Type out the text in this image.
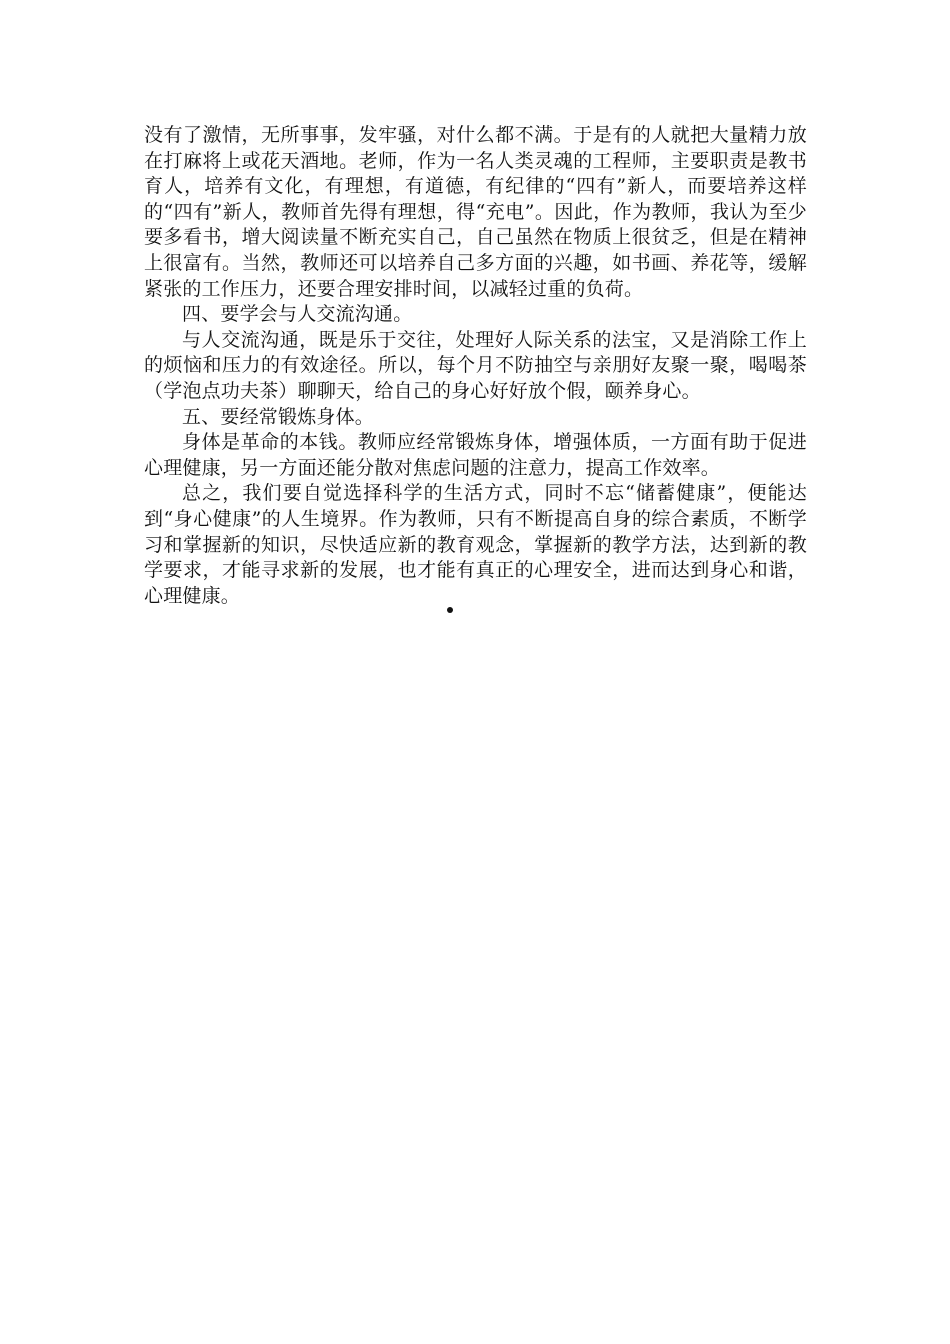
没有了激情，无所事事，发牢骚，对什么都不满。于是有的人就把大量精力放在打麻将上或花天酒地。老师，作为一名人类灵魂的工程师，主要职责是教书育人，培养有文化，有理想，有道德，有纪律的“四有”新人，而要培养这样的“四有”新人，教师首先得有理想，得“充电”。因此，作为教师，我认为至少要多看书，增大阅读量不断充实自己，自己虽然在物质上很贫乏，但是在精神上很富有。当然，教师还可以培养自己多方面的兴趣，如书画、养花等，缓解紧张的工作压力，还要合理安排时间，以减轻过重的负荷。

四、要学会与人交流沟通。

与人交流沟通，既是乐于交往，处理好人际关系的法宝，又是消除工作上的烦恼和压力的有效途径。所以，每个月不防抽空与亲朋好友聚一聚，喝喝茶（学泡点功夫茶）聊聊天，给自己的身心好好放个假，颐养身心。

五、要经常锻炼身体。

身体是革命的本钱。教师应经常锻炼身体，增强体质，一方面有助于促进心理健康，另一方面还能分散对焦虑问题的注意力，提高工作效率。

总之，我们要自觉选择科学的生活方式，同时不忘“储蓄健康”，便能达到“身心健康”的人生境界。作为教师，只有不断提高自身的综合素质，不断学习和掌握新的知识，尽快适应新的教育观念，掌握新的教学方法，达到新的教学要求，才能寻求新的发展，也才能有真正的心理安全，进而达到身心和谐，心理健康。
